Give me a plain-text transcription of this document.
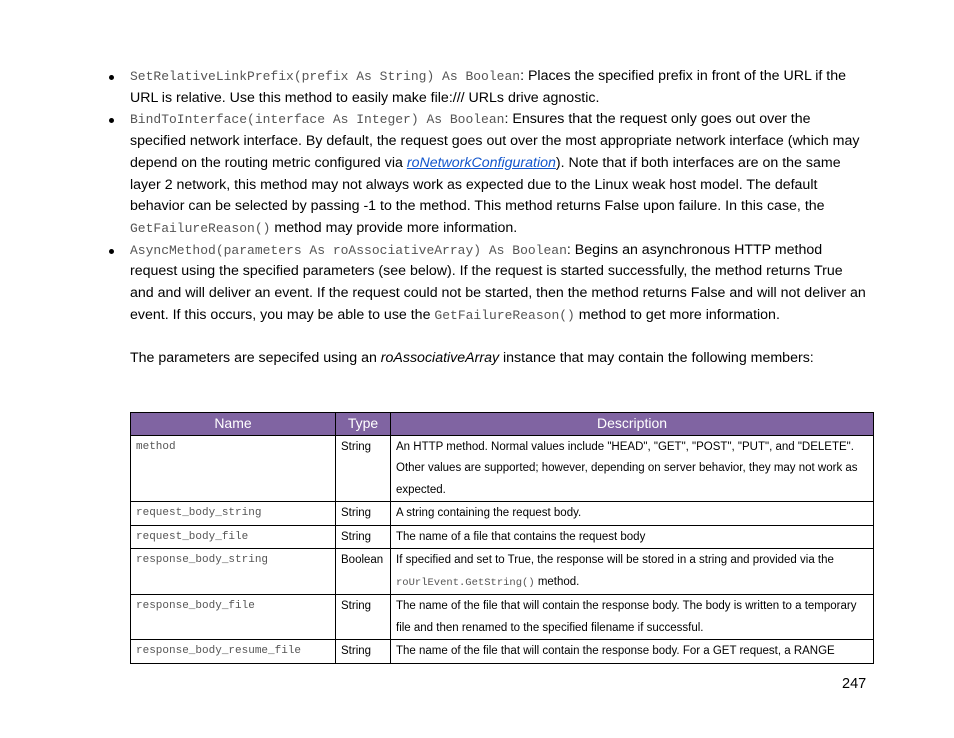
SetRelativeLinkPrefix(prefix As String) As Boolean: Places the specified prefix in front of the URL if the URL is relative. Use this method to easily make file:/// URLs drive agnostic.
BindToInterface(interface As Integer) As Boolean: Ensures that the request only goes out over the specified network interface. By default, the request goes out over the most appropriate network interface (which may depend on the routing metric configured via roNetworkConfiguration). Note that if both interfaces are on the same layer 2 network, this method may not always work as expected due to the Linux weak host model. The default behavior can be selected by passing -1 to the method. This method returns False upon failure. In this case, the GetFailureReason() method may provide more information.
AsyncMethod(parameters As roAssociativeArray) As Boolean: Begins an asynchronous HTTP method request using the specified parameters (see below). If the request is started successfully, the method returns True and and will deliver an event. If the request could not be started, then the method returns False and will not deliver an event. If this occurs, you may be able to use the GetFailureReason() method to get more information.

The parameters are sepecifed using an roAssociativeArray instance that may contain the following members:

Name	Type	Description
method	String	An HTTP method. Normal values include "HEAD", "GET", "POST", "PUT", and "DELETE". Other values are supported; however, depending on server behavior, they may not work as expected.
request_body_string	String	A string containing the request body.
request_body_file	String	The name of a file that contains the request body
response_body_string	Boolean	If specified and set to True, the response will be stored in a string and provided via the roUrlEvent.GetString() method.
response_body_file	String	The name of the file that will contain the response body. The body is written to a temporary file and then renamed to the specified filename if successful.
response_body_resume_file	String	The name of the file that will contain the response body. For a GET request, a RANGE
247
